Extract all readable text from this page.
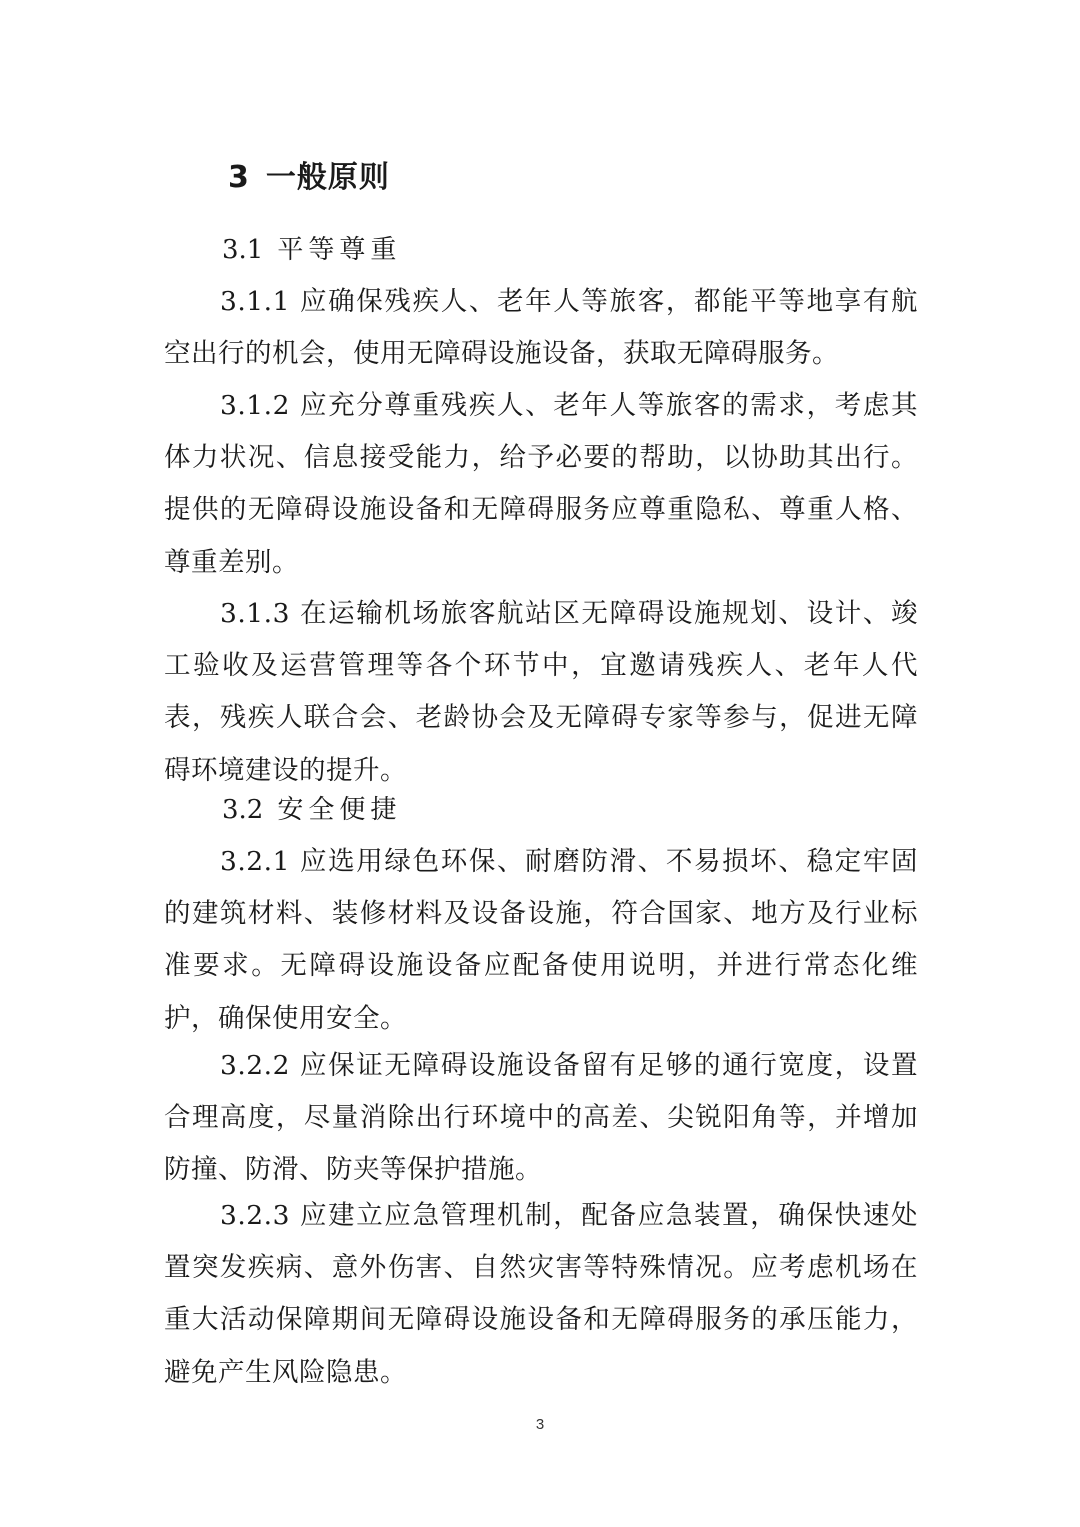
3 一般原则
3.1 平等尊重

3.1.1 应确保残疾人、老年人等旅客，都能平等地享有航空出行的机会，使用无障碍设施设备，获取无障碍服务。

3.1.2 应充分尊重残疾人、老年人等旅客的需求，考虑其体力状况、信息接受能力，给予必要的帮助，以协助其出行。提供的无障碍设施设备和无障碍服务应尊重隐私、尊重人格、尊重差别。

3.1.3 在运输机场旅客航站区无障碍设施规划、设计、竣工验收及运营管理等各个环节中，宜邀请残疾人、老年人代表，残疾人联合会、老龄协会及无障碍专家等参与，促进无障碍环境建设的提升。

3.2 安全便捷

3.2.1 应选用绿色环保、耐磨防滑、不易损坏、稳定牢固的建筑材料、装修材料及设备设施，符合国家、地方及行业标准要求。无障碍设施设备应配备使用说明，并进行常态化维护，确保使用安全。

3.2.2 应保证无障碍设施设备留有足够的通行宽度，设置合理高度，尽量消除出行环境中的高差、尖锐阳角等，并增加防撞、防滑、防夹等保护措施。

3.2.3 应建立应急管理机制，配备应急装置，确保快速处置突发疾病、意外伤害、自然灾害等特殊情况。应考虑机场在重大活动保障期间无障碍设施设备和无障碍服务的承压能力，避免产生风险隐患。

3
